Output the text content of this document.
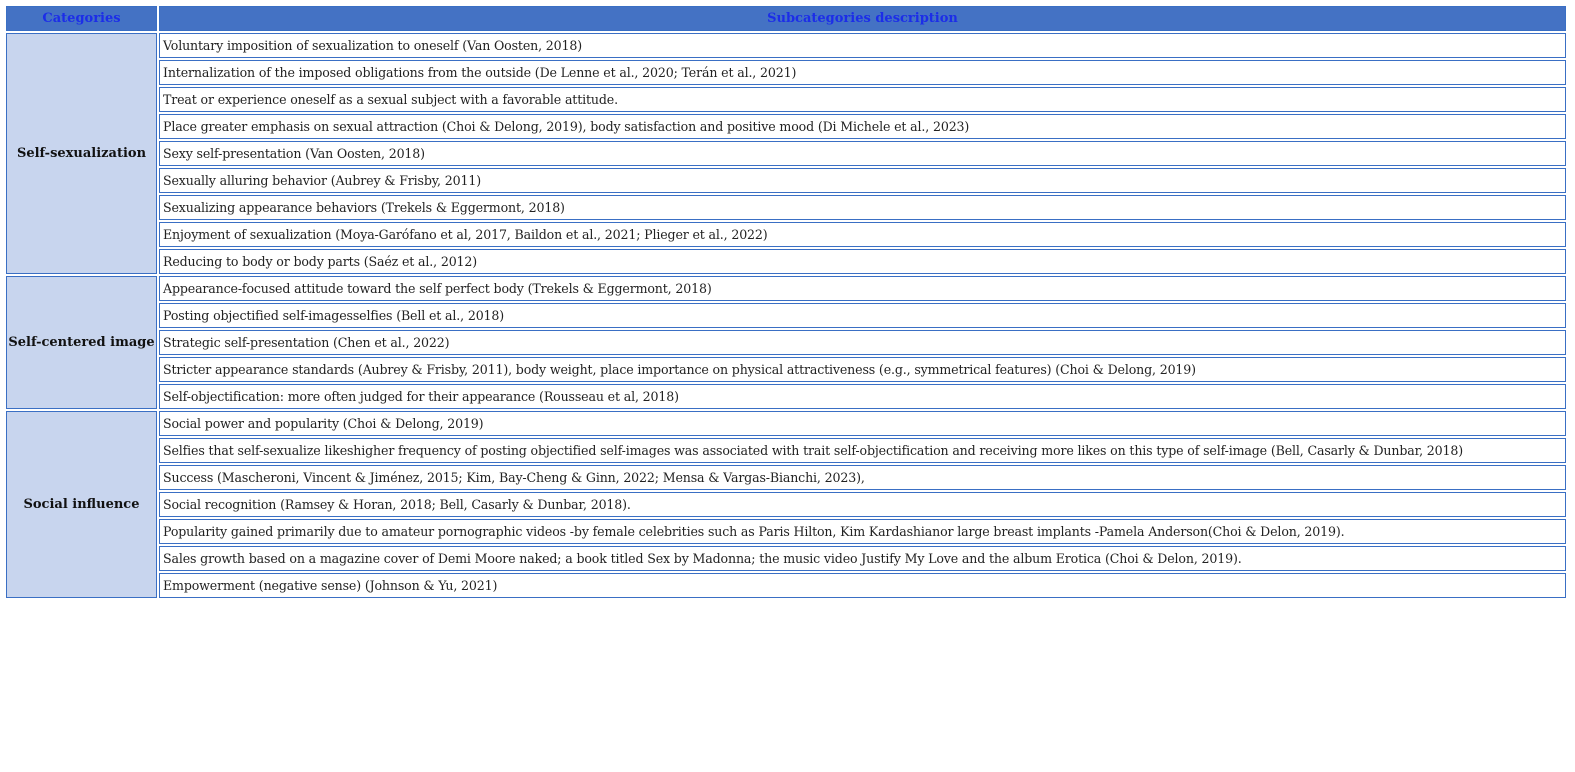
Categories	Subcategories description
Self-sexualization	Voluntary imposition of sexualization to oneself (Van Oosten, 2018)
	Internalization of the imposed obligations from the outside (De Lenne et al., 2020; Terán et al., 2021)
	Treat or experience oneself as a sexual subject with a favorable attitude.
	Place greater emphasis on sexual attraction (Choi & Delong, 2019), body satisfaction and positive mood (Di Michele et al., 2023)
	Sexy self-presentation (Van Oosten, 2018)
	Sexually alluring behavior (Aubrey & Frisby, 2011)
	Sexualizing appearance behaviors (Trekels & Eggermont, 2018)
	Enjoyment of sexualization (Moya-Garófano et al, 2017, Baildon et al., 2021; Plieger et al., 2022)
	Reducing to body or body parts (Saéz et al., 2012)
Self-centered image	Appearance-focused attitude toward the self perfect body (Trekels & Eggermont, 2018)
	Posting objectified self-imagesselfies (Bell et al., 2018)
	Strategic self-presentation (Chen et al., 2022)
	Stricter appearance standards (Aubrey & Frisby, 2011), body weight, place importance on physical attractiveness (e.g., symmetrical features) (Choi & Delong, 2019)
	Self-objectification: more often judged for their appearance (Rousseau et al, 2018)
Social influence	Social power and popularity (Choi & Delong, 2019)
	Selfies that self-sexualize likeshigher frequency of posting objectified self-images was associated with trait self-objectification and receiving more likes on this type of self-image (Bell, Casarly & Dunbar, 2018)
	Success (Mascheroni, Vincent & Jiménez, 2015; Kim, Bay-Cheng & Ginn, 2022; Mensa & Vargas-Bianchi, 2023),
	Social recognition (Ramsey & Horan, 2018; Bell, Casarly & Dunbar, 2018).
	Popularity gained primarily due to amateur pornographic videos -by female celebrities such as Paris Hilton, Kim Kardashianor large breast implants -Pamela Anderson(Choi & Delon, 2019).
	Sales growth based on a magazine cover of Demi Moore naked; a book titled Sex by Madonna; the music video Justify My Love and the album Erotica (Choi & Delon, 2019).
	Empowerment (negative sense) (Johnson & Yu, 2021)
